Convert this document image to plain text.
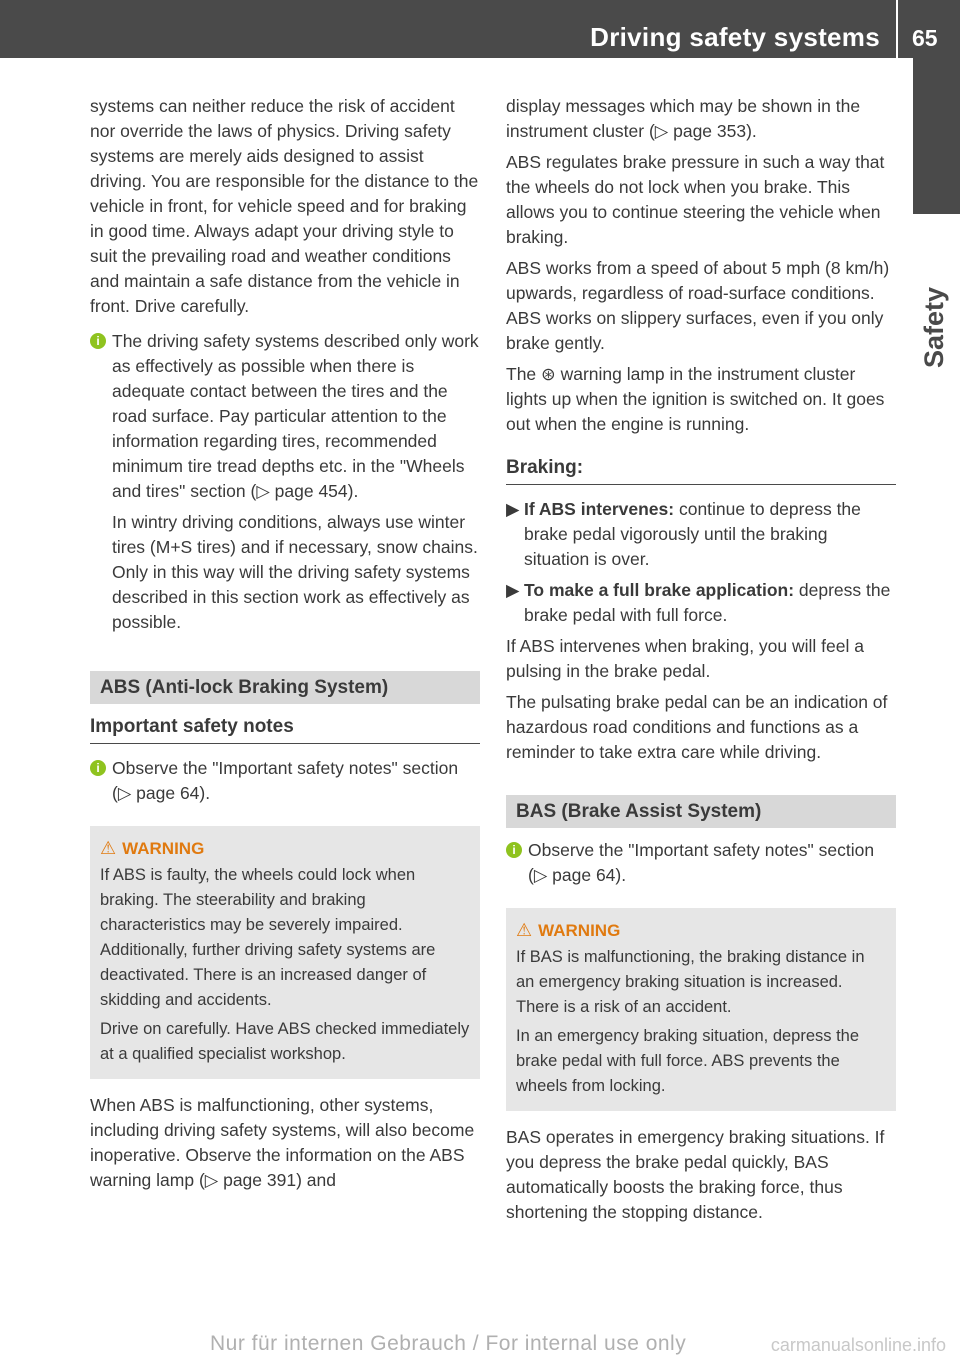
Driving safety systems 65
Safety

systems can neither reduce the risk of accident nor override the laws of physics. Driving safety systems are merely aids designed to assist driving. You are responsible for the distance to the vehicle in front, for vehicle speed and for braking in good time. Always adapt your driving style to suit the prevailing road and weather conditions and maintain a safe distance from the vehicle in front. Drive carefully.

i The driving safety systems described only work as effectively as possible when there is adequate contact between the tires and the road surface. Pay particular attention to the information regarding tires, recommended minimum tire tread depths etc. in the "Wheels and tires" section (▷ page 454).

In wintry driving conditions, always use winter tires (M+S tires) and if necessary, snow chains. Only in this way will the driving safety systems described in this section work as effectively as possible.

ABS (Anti-lock Braking System)
Important safety notes
i Observe the "Important safety notes" section (▷ page 64).

⚠ WARNING

If ABS is faulty, the wheels could lock when braking. The steerability and braking characteristics may be severely impaired. Additionally, further driving safety systems are deactivated. There is an increased danger of skidding and accidents.

Drive on carefully. Have ABS checked immediately at a qualified specialist workshop.

When ABS is malfunctioning, other systems, including driving safety systems, will also become inoperative. Observe the information on the ABS warning lamp (▷ page 391) and

display messages which may be shown in the instrument cluster (▷ page 353).

ABS regulates brake pressure in such a way that the wheels do not lock when you brake. This allows you to continue steering the vehicle when braking.

ABS works from a speed of about 5 mph (8 km/h) upwards, regardless of road-surface conditions. ABS works on slippery surfaces, even if you only brake gently.

The ⊛ warning lamp in the instrument cluster lights up when the ignition is switched on. It goes out when the engine is running.

Braking:
▶ If ABS intervenes: continue to depress the brake pedal vigorously until the braking situation is over.
▶ To make a full brake application: depress the brake pedal with full force.

If ABS intervenes when braking, you will feel a pulsing in the brake pedal.

The pulsating brake pedal can be an indication of hazardous road conditions and functions as a reminder to take extra care while driving.

BAS (Brake Assist System)
i Observe the "Important safety notes" section (▷ page 64).

⚠ WARNING

If BAS is malfunctioning, the braking distance in an emergency braking situation is increased. There is a risk of an accident.

In an emergency braking situation, depress the brake pedal with full force. ABS prevents the wheels from locking.

BAS operates in emergency braking situations. If you depress the brake pedal quickly, BAS automatically boosts the braking force, thus shortening the stopping distance.

Nur für internen Gebrauch / For internal use only	carmanualsonline.info
